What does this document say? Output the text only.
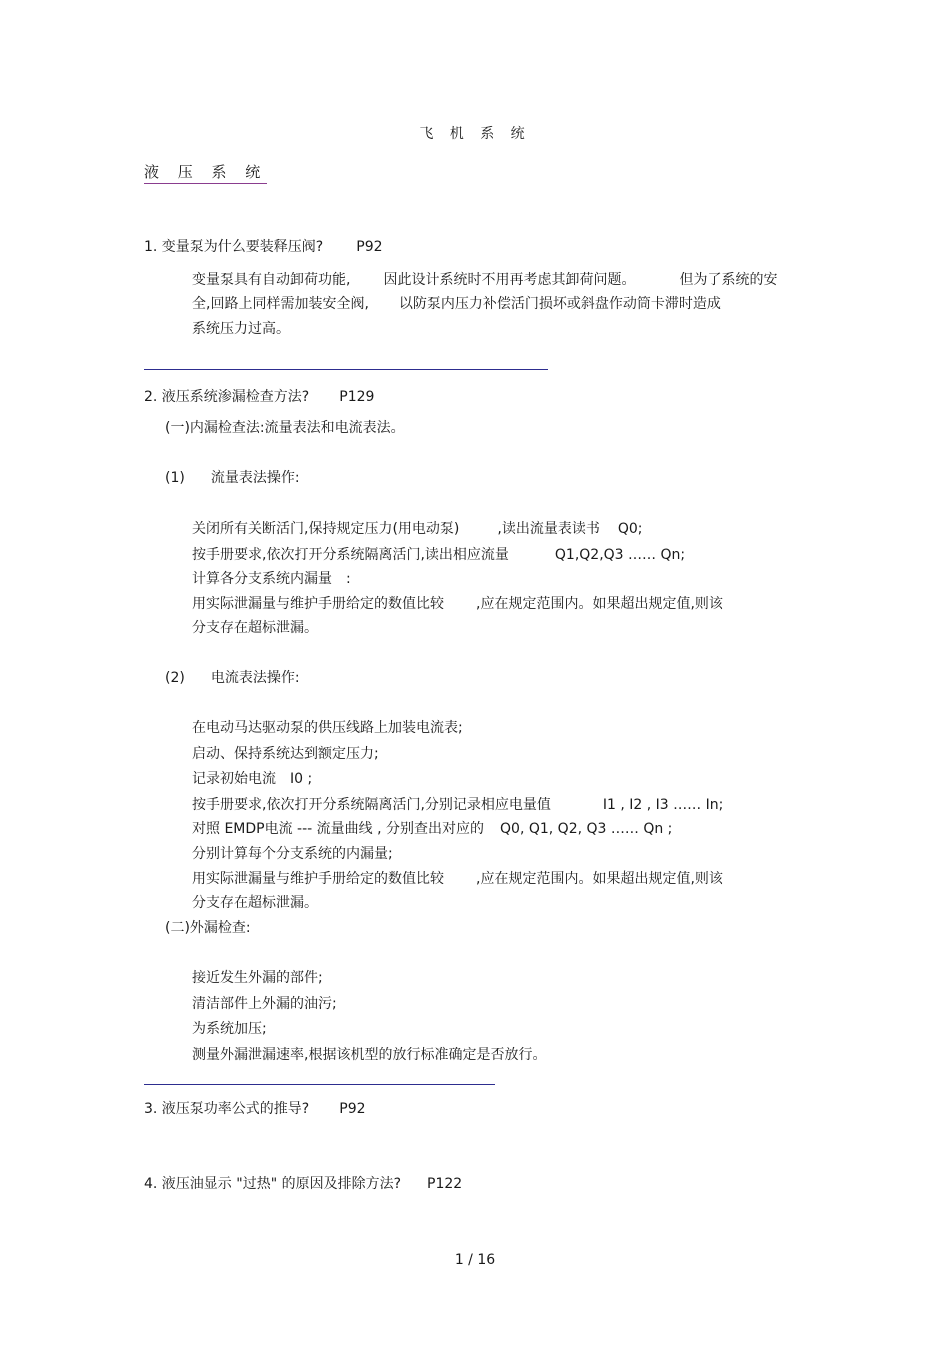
飞 机 系 统
液 压 系 统
1. 变量泵为什么要装释压阀? P92
变量泵具有自动卸荷功能, 因此设计系统时不用再考虑其卸荷问题。	但为了系统的安
全,回路上同样需加装安全阀, 以防泵内压力补偿活门损坏或斜盘作动筒卡滞时造成
系统压力过高。
2. 液压系统渗漏检查方法? P129
(一)内漏检查法:流量表法和电流表法。
(1) 流量表法操作:
关闭所有关断活门,保持规定压力(用电动泵)	,读出流量表读书 Q0;
按手册要求,依次打开分系统隔离活门,读出相应流量	Q1,Q2,Q3 …… Qn;
计算各分支系统内漏量 :
用实际泄漏量与维护手册给定的数值比较 ,应在规定范围内。如果超出规定值,则该
分支存在超标泄漏。
(2) 电流表法操作:
在电动马达驱动泵的供压线路上加装电流表;
启动、保持系统达到额定压力;
记录初始电流 I0 ;
按手册要求,依次打开分系统隔离活门,分别记录相应电量值	I1 , I2 , I3 …… In;
对照 EMDP电流 --- 流量曲线 , 分别查出对应的 Q0, Q1, Q2, Q3 …… Qn ;
分别计算每个分支系统的内漏量;
用实际泄漏量与维护手册给定的数值比较 ,应在规定范围内。如果超出规定值,则该
分支存在超标泄漏。
(二)外漏检查:
接近发生外漏的部件;
清洁部件上外漏的油污;
为系统加压;
测量外漏泄漏速率,根据该机型的放行标准确定是否放行。
3. 液压泵功率公式的推导? P92
4. 液压油显示 "过热" 的原因及排除方法? P122
1 / 16
